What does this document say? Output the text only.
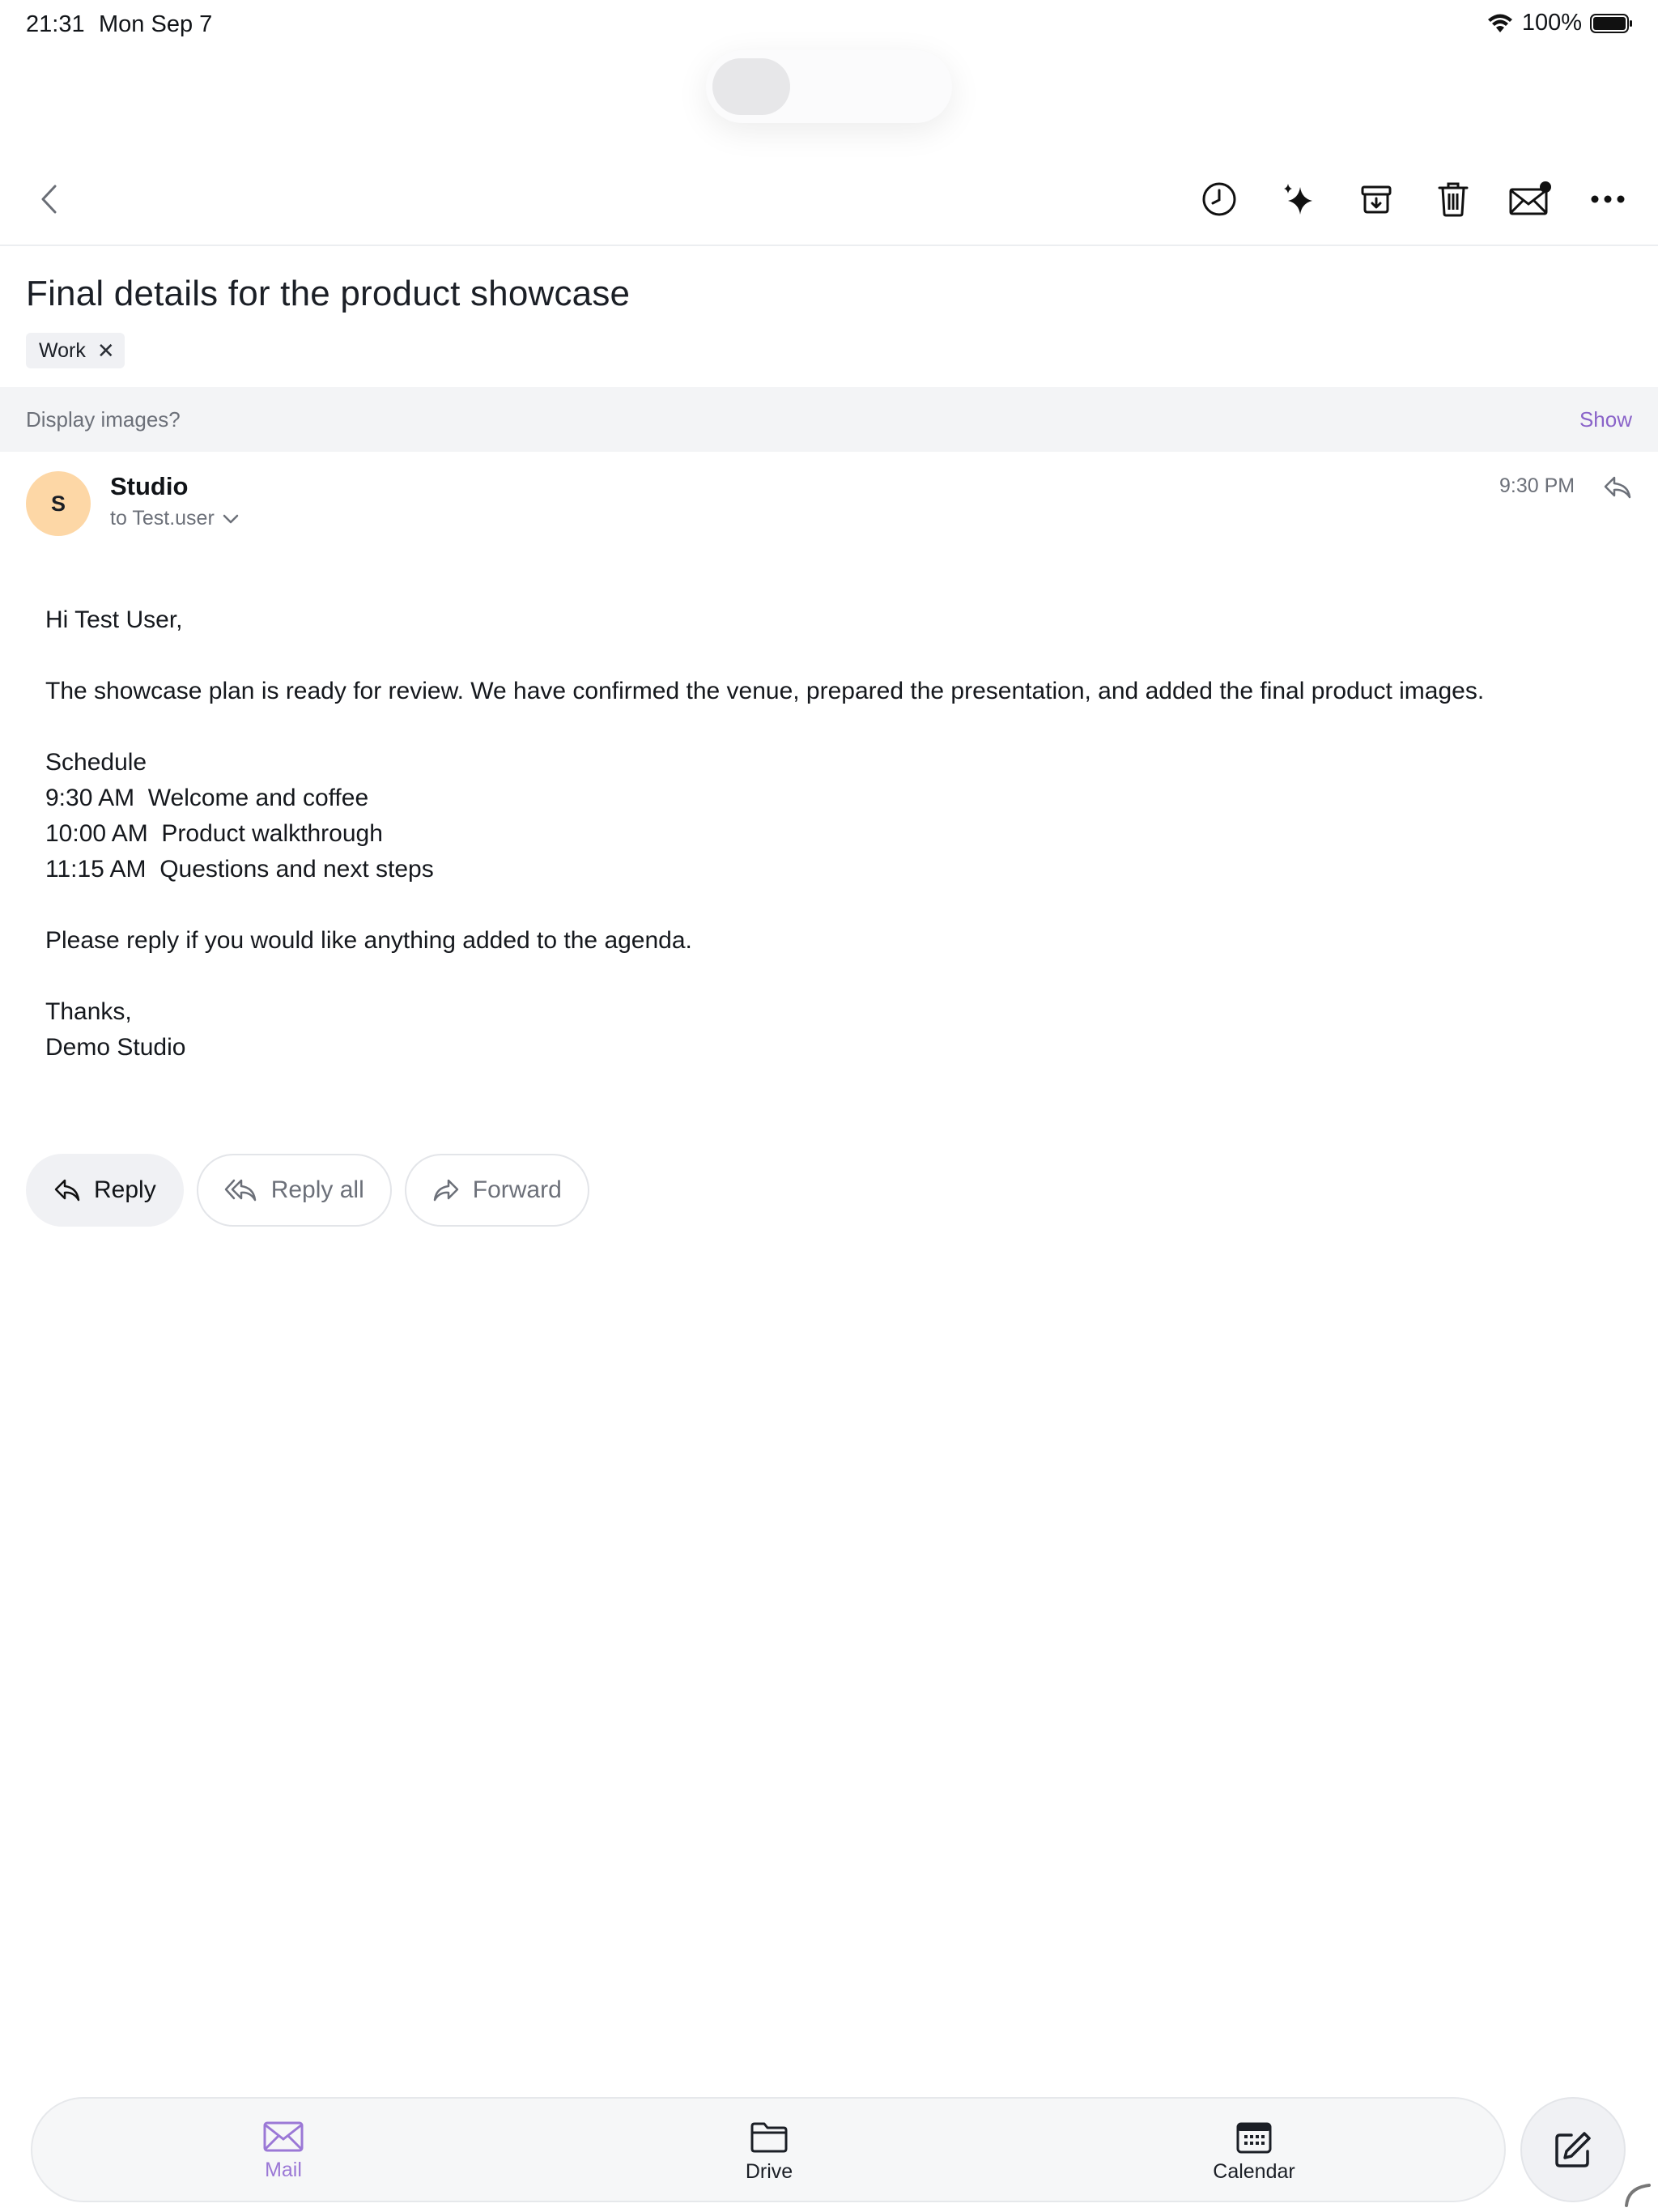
21:31 Mon Sep 7	100%
Final details for the product showcase
Work ✕
Display images?	Show
S
Studio
to Test.user
9:30 PM

Hi Test User,

The showcase plan is ready for review. We have confirmed the venue, prepared the presentation, and added the final product images.

Schedule

9:30 AM  Welcome and coffee

10:00 AM  Product walkthrough

11:15 AM  Questions and next steps

Please reply if you would like anything added to the agenda.

Thanks,

Demo Studio

Reply	Reply all	Forward
Mail	Drive	Calendar
